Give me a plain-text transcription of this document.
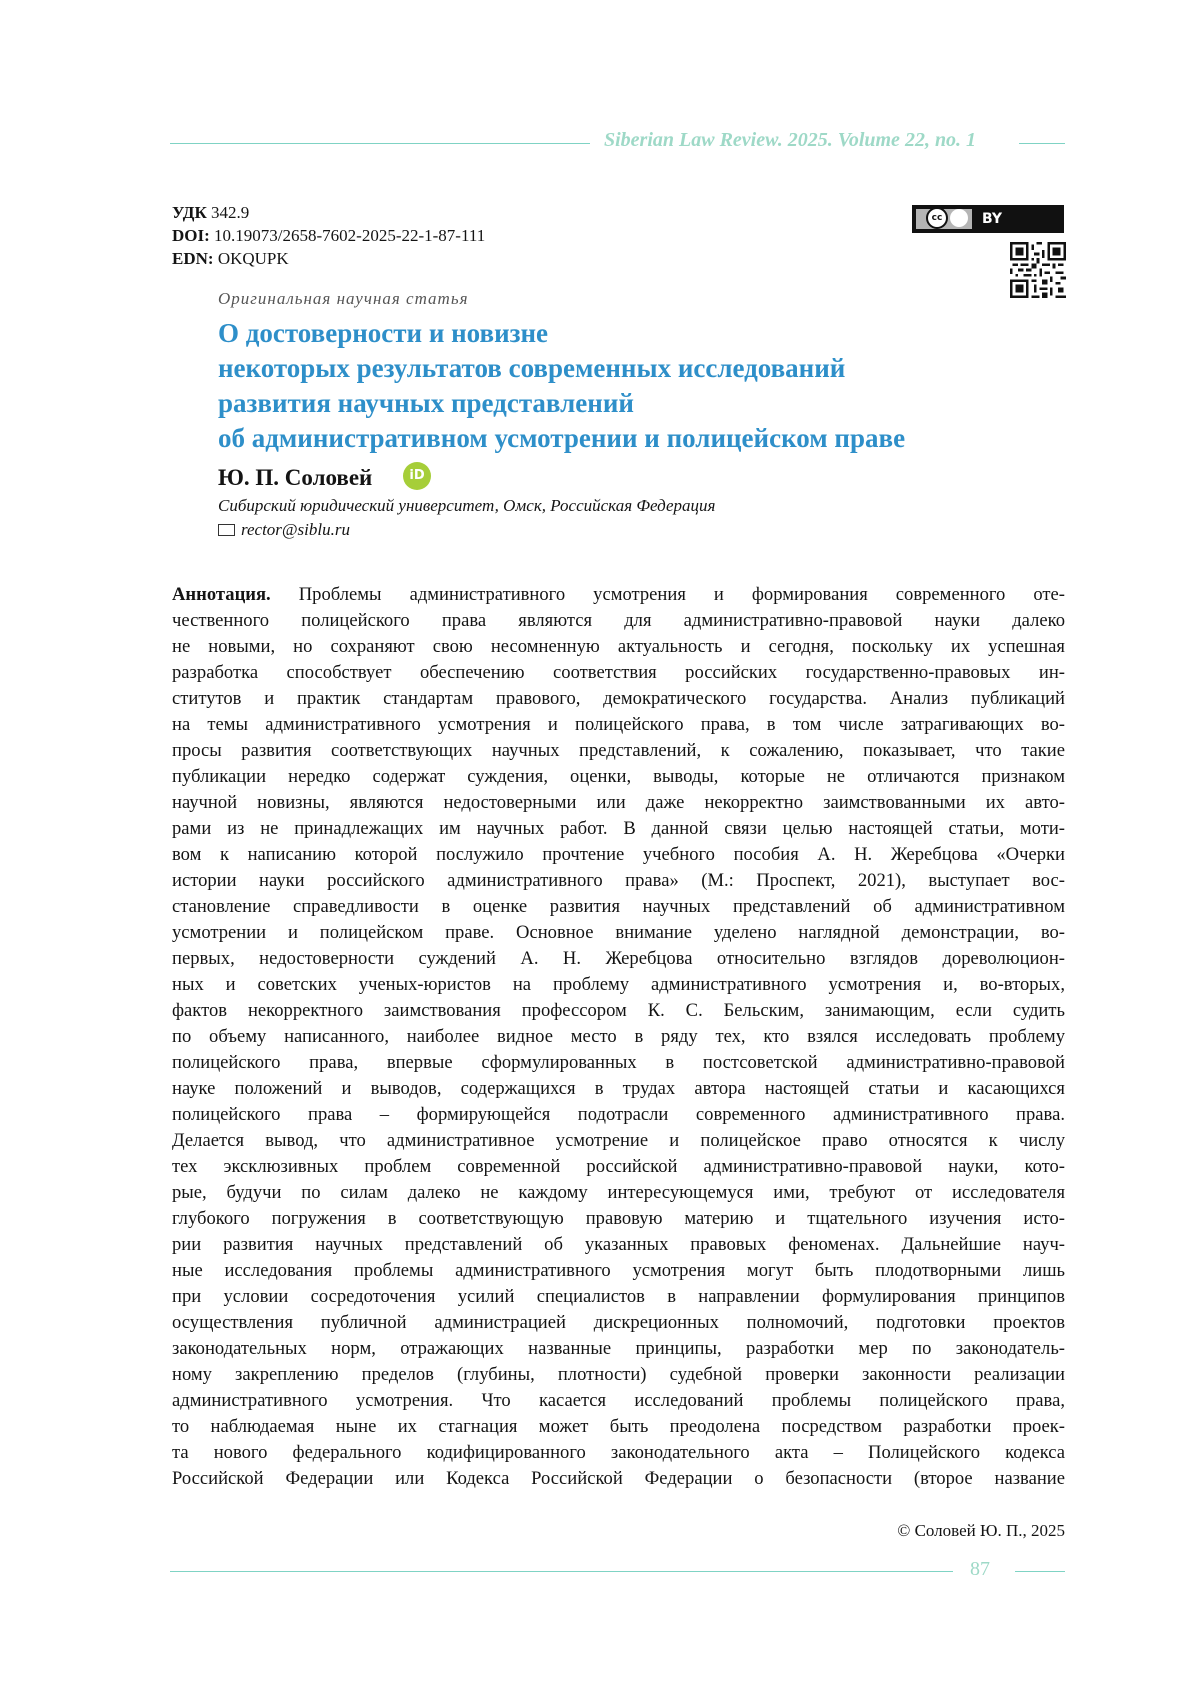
Siberian Law Review. 2025. Volume 22, no. 1
УДК 342.9
DOI: 10.19073/2658-7602-2025-22-1-87-111
EDN: OKQUPK
cc	BY
Оригинальная научная статья
О достоверности и новизне
некоторых результатов современных исследований
развития научных представлений
об административном усмотрении и полицейском праве
Ю. П. Соловей	iD
Сибирский юридический университет, Омск, Российская Федерация
rector@siblu.ru
Аннотация. Проблемы административного усмотрения и формирования современного оте-
чественного полицейского права являются для административно-правовой науки далеко
не новыми, но сохраняют свою несомненную актуальность и сегодня, поскольку их успешная
разработка способствует обеспечению соответствия российских государственно-правовых ин-
ститутов и практик стандартам правового, демократического государства. Анализ публикаций
на темы административного усмотрения и полицейского права, в том числе затрагивающих во-
просы развития соответствующих научных представлений, к сожалению, показывает, что такие
публикации нередко содержат суждения, оценки, выводы, которые не отличаются признаком
научной новизны, являются недостоверными или даже некорректно заимствованными их авто-
рами из не принадлежащих им научных работ. В данной связи целью настоящей статьи, моти-
вом к написанию которой послужило прочтение учебного пособия А. Н. Жеребцова «Очерки
истории науки российского административного права» (М.: Проспект, 2021), выступает вос-
становление справедливости в оценке развития научных представлений об административном
усмотрении и полицейском праве. Основное внимание уделено наглядной демонстрации, во-
первых, недостоверности суждений А. Н. Жеребцова относительно взглядов дореволюцион-
ных и советских ученых-юристов на проблему административного усмотрения и, во-вторых,
фактов некорректного заимствования профессором К. С. Бельским, занимающим, если судить
по объему написанного, наиболее видное место в ряду тех, кто взялся исследовать проблему
полицейского права, впервые сформулированных в постсоветской административно-правовой
науке положений и выводов, содержащихся в трудах автора настоящей статьи и касающихся
полицейского права – формирующейся подотрасли современного административного права.
Делается вывод, что административное усмотрение и полицейское право относятся к числу
тех эксклюзивных проблем современной российской административно-правовой науки, кото-
рые, будучи по силам далеко не каждому интересующемуся ими, требуют от исследователя
глубокого погружения в соответствующую правовую материю и тщательного изучения исто-
рии развития научных представлений об указанных правовых феноменах. Дальнейшие науч-
ные исследования проблемы административного усмотрения могут быть плодотворными лишь
при условии сосредоточения усилий специалистов в направлении формулирования принципов
осуществления публичной администрацией дискреционных полномочий, подготовки проектов
законодательных норм, отражающих названные принципы, разработки мер по законодатель-
ному закреплению пределов (глубины, плотности) судебной проверки законности реализации
административного усмотрения. Что касается исследований проблемы полицейского права,
то наблюдаемая ныне их стагнация может быть преодолена посредством разработки проек-
та нового федерального кодифицированного законодательного акта – Полицейского кодекса
Российской Федерации или Кодекса Российской Федерации о безопасности (второе название
© Соловей Ю. П., 2025
87
